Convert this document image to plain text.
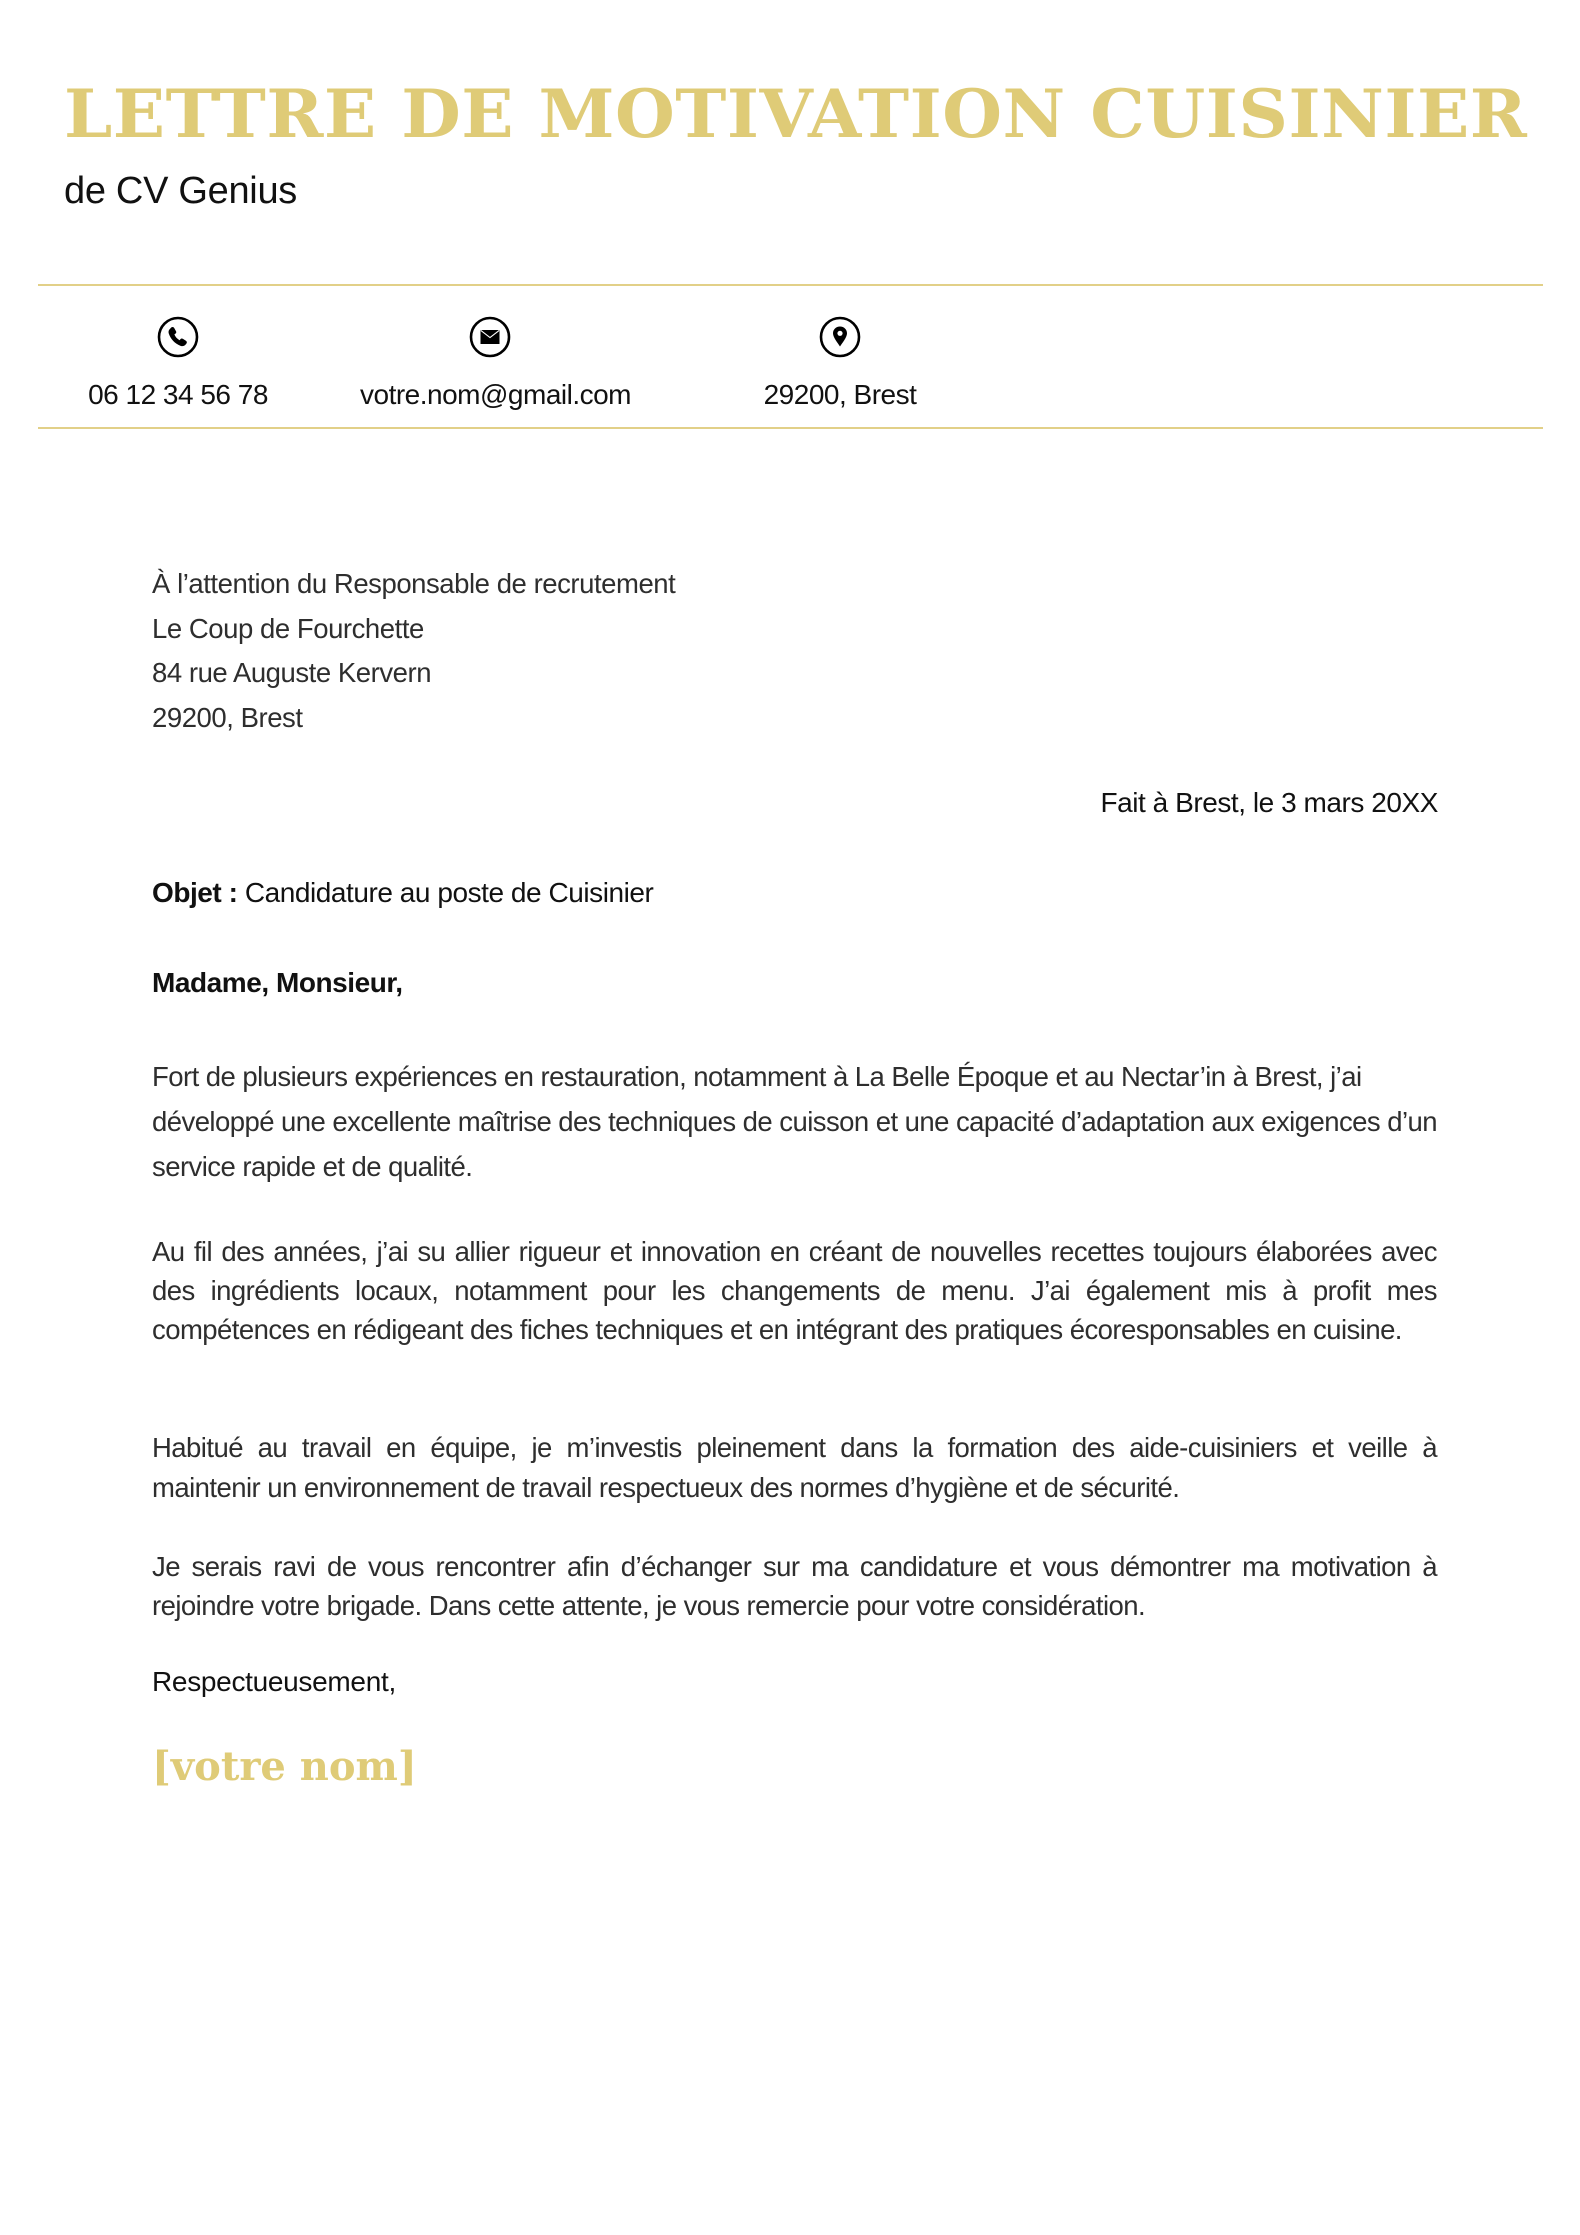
LETTRE DE MOTIVATION CUISINIER
de CV Genius
06 12 34 56 78	votre.nom@gmail.com	29200, Brest
À l’attention du Responsable de recrutement
Le Coup de Fourchette
84 rue Auguste Kervern
29200, Brest
Fait à Brest, le 3 mars 20XX
Objet : Candidature au poste de Cuisinier
Madame, Monsieur,

Fort de plusieurs expériences en restauration, notamment à La Belle Époque et au Nectar’in à Brest, j’ai développé une excellente maîtrise des techniques de cuisson et une capacité d’adaptation aux exigences d’un service rapide et de qualité.

Au fil des années, j’ai su allier rigueur et innovation en créant de nouvelles recettes toujours élaborées avec des ingrédients locaux, notamment pour les changements de menu. J’ai également mis à profit mes compétences en rédigeant des fiches techniques et en intégrant des pratiques écoresponsables en cuisine.

Habitué au travail en équipe, je m’investis pleinement dans la formation des aide-cuisiniers et veille à maintenir un environnement de travail respectueux des normes d’hygiène et de sécurité.

Je serais ravi de vous rencontrer afin d’échanger sur ma candidature et vous démontrer ma motivation à rejoindre votre brigade. Dans cette attente, je vous remercie pour votre considération.

Respectueusement,
[votre nom]
